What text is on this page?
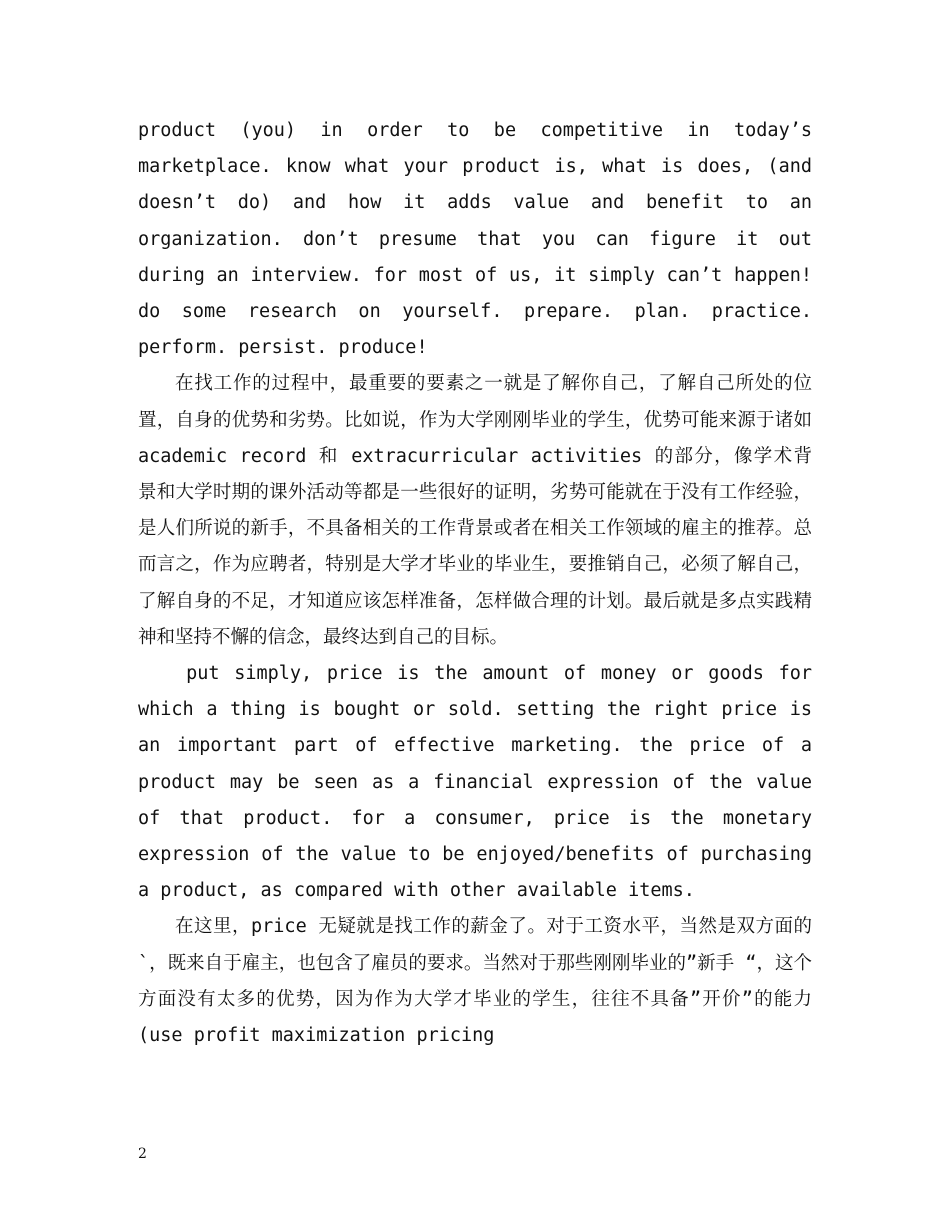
product (you) in order to be competitive in today’s marketplace. know what your product is, what is does, (and doesn’t do) and how it adds value and benefit to an organization. don’t presume that you can figure it out during an interview. for most of us, it simply can’t happen! do some research on yourself. prepare. plan. practice. perform. persist. produce!

在找工作的过程中，最重要的要素之一就是了解你自己，了解自己所处的位置，自身的优势和劣势。比如说，作为大学刚刚毕业的学生，优势可能来源于诸如 academic record 和 extracurricular activities 的部分，像学术背景和大学时期的课外活动等都是一些很好的证明，劣势可能就在于没有工作经验，是人们所说的新手，不具备相关的工作背景或者在相关工作领域的雇主的推荐。总而言之，作为应聘者，特别是大学才毕业的毕业生，要推销自己，必须了解自己，了解自身的不足，才知道应该怎样准备，怎样做合理的计划。最后就是多点实践精神和坚持不懈的信念，最终达到自己的目标。

put simply, price is the amount of money or goods for which a thing is bought or sold. setting the right price is an important part of effective marketing. the price of a product may be seen as a financial expression of the value of that product. for a consumer, price is the monetary expression of the value to be enjoyed/benefits of purchasing a product, as compared with other available items.

在这里，price 无疑就是找工作的薪金了。对于工资水平，当然是双方面的`，既来自于雇主，也包含了雇员的要求。当然对于那些刚刚毕业的”新手 “，这个方面没有太多的优势，因为作为大学才毕业的学生，往往不具备”开价”的能力(use profit maximization pricing

2
